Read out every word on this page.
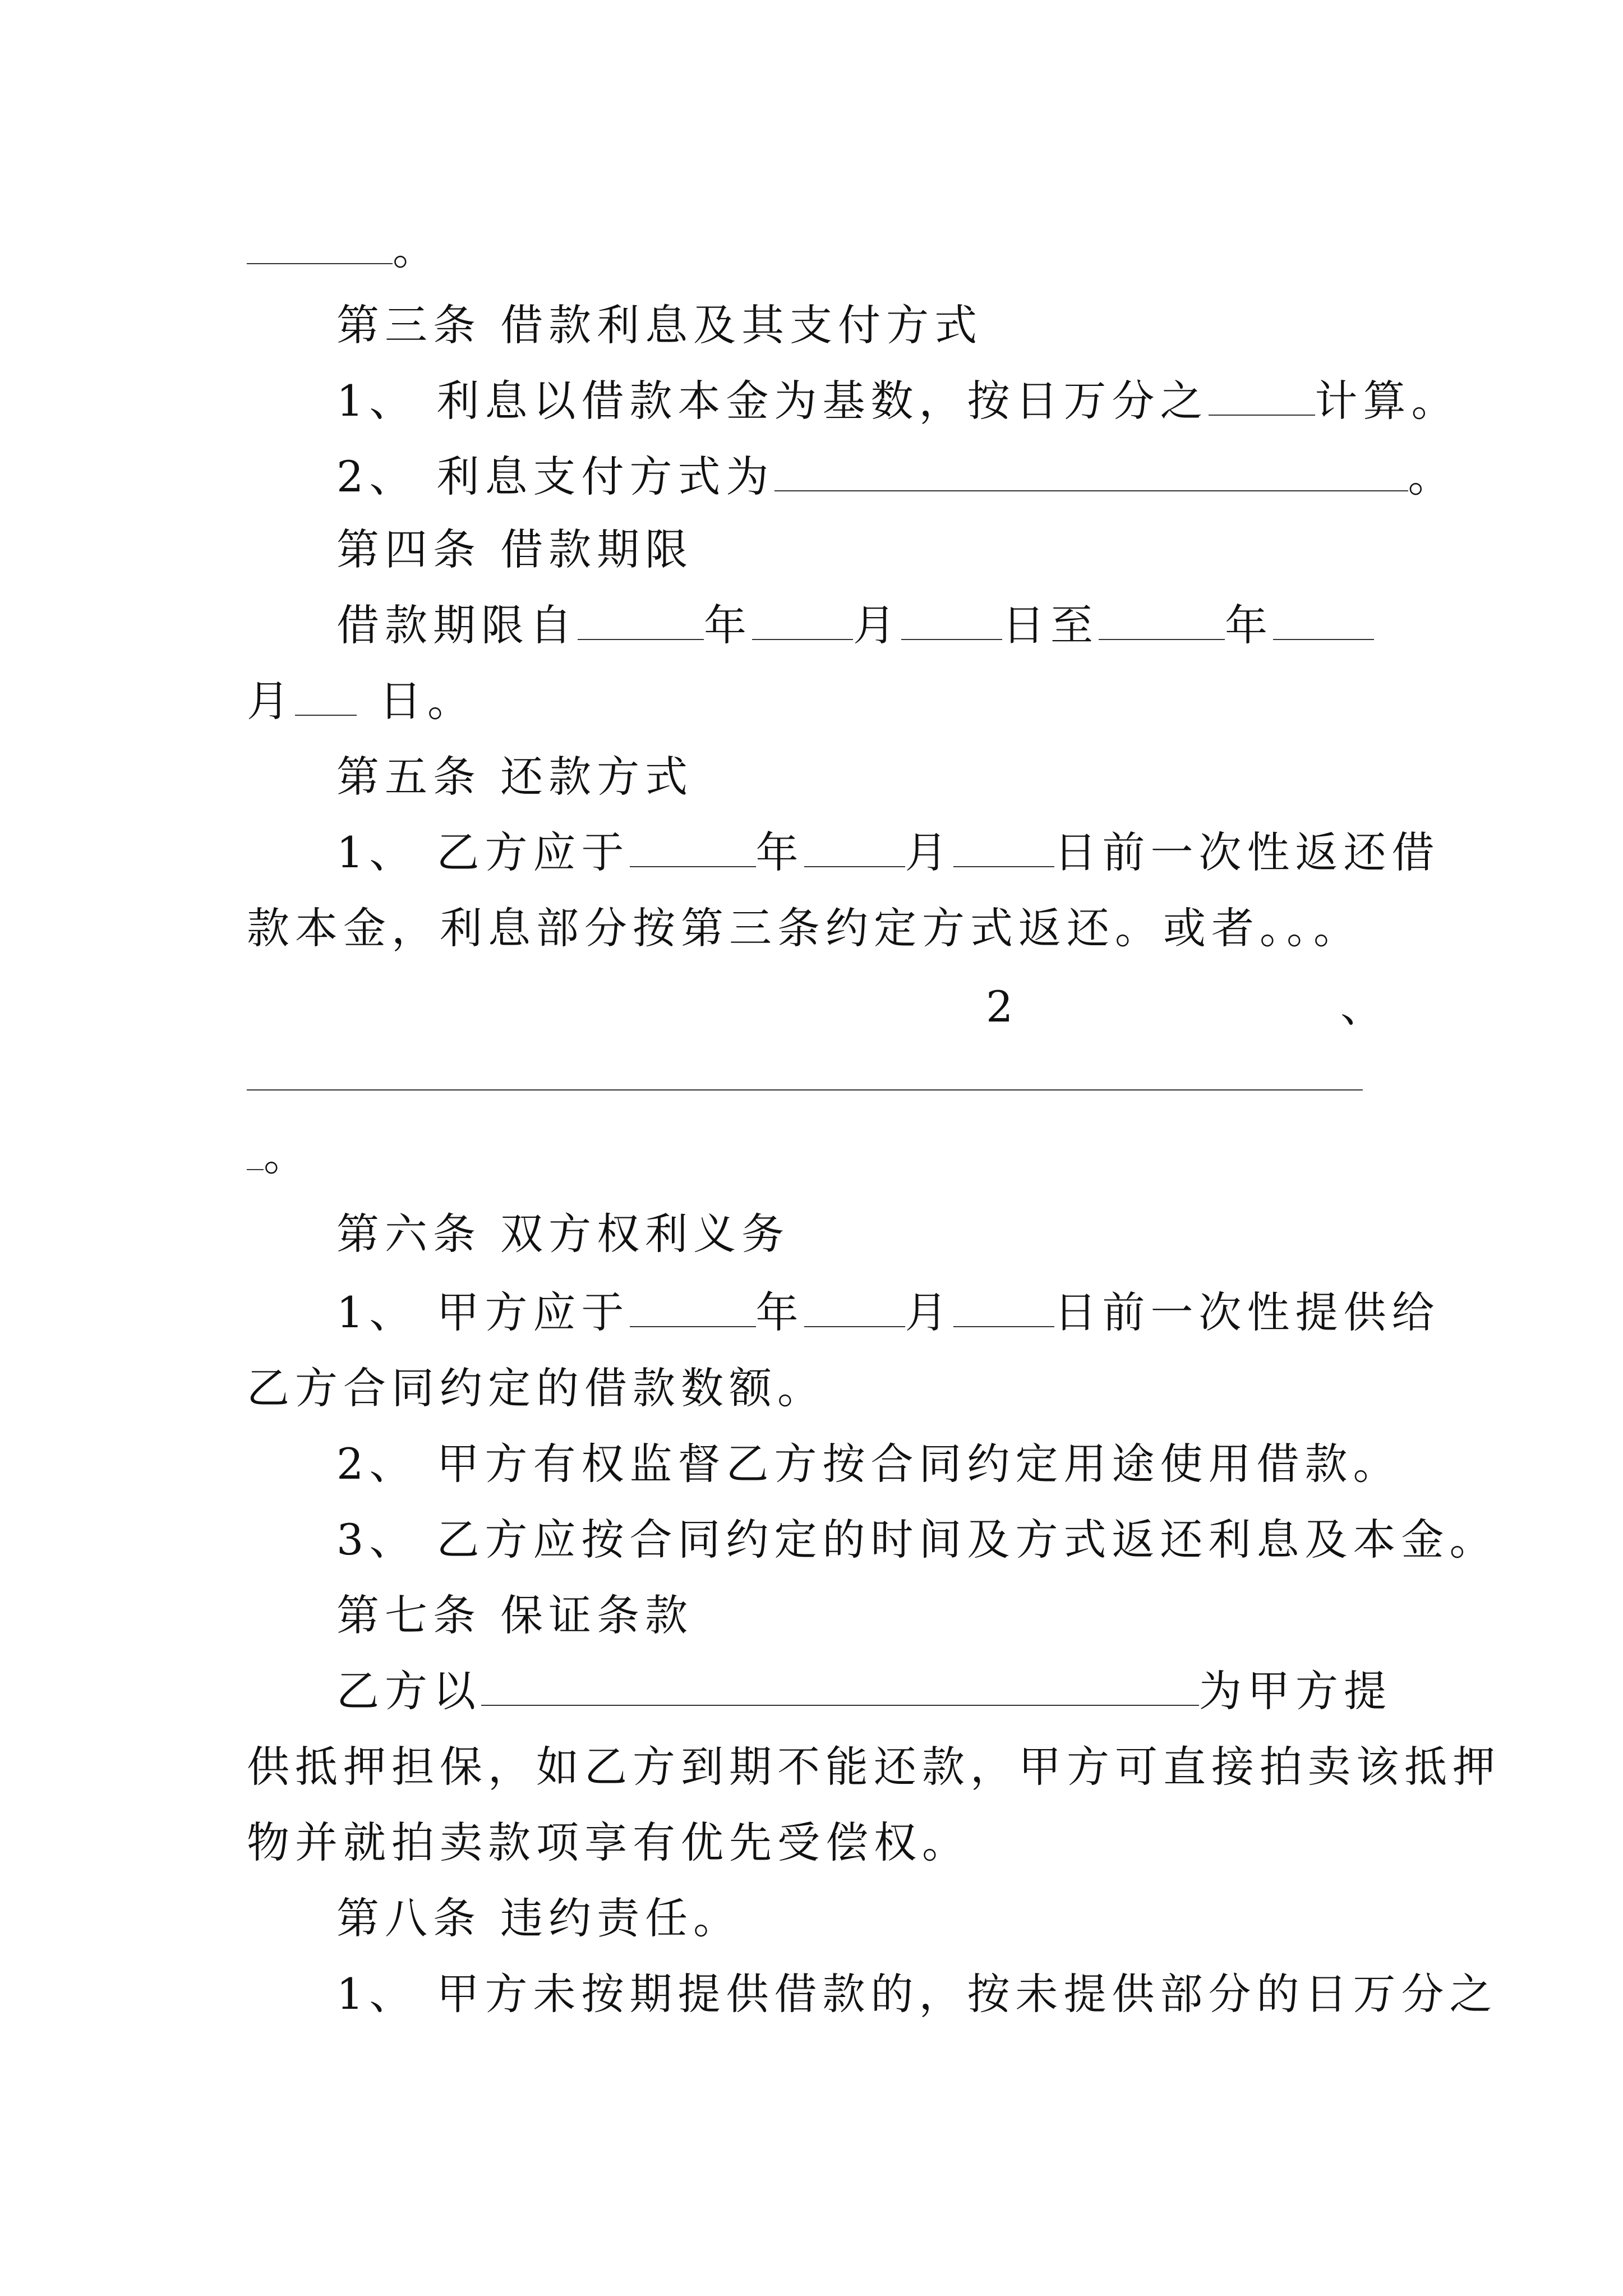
。
第三条 借款利息及其支付方式
1、 利息以借款本金为基数，按日万分之	计算。
2、 利息支付方式为	。
第四条 借款期限
借款期限自	年 月 日至	年
月 日。
第五条 还款方式
1、 乙方应于	年 月 日前一次性返还借
款本金，利息部分按第三条约定方式返还。或者。。。
2	、
。
第六条 双方权利义务
1、 甲方应于	年 月 日前一次性提供给
乙方合同约定的借款数额。
2、 甲方有权监督乙方按合同约定用途使用借款。
3、 乙方应按合同约定的时间及方式返还利息及本金。
第七条 保证条款
乙方以	为甲方提
供抵押担保，如乙方到期不能还款，甲方可直接拍卖该抵押
物并就拍卖款项享有优先受偿权。
第八条 违约责任。
1、 甲方未按期提供借款的，按未提供部分的日万分之
